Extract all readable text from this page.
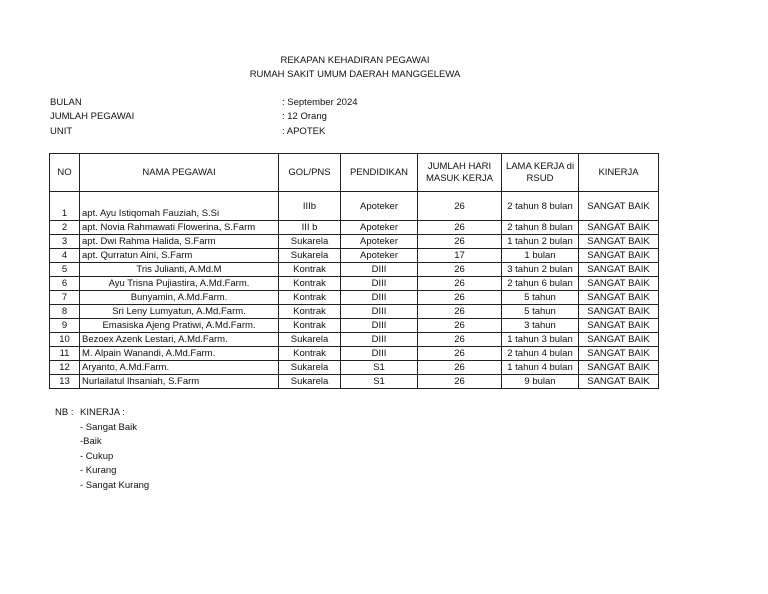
REKAPAN KEHADIRAN PEGAWAI
RUMAH SAKIT UMUM DAERAH MANGGELEWA
BULAN	: September 2024
JUMLAH PEGAWAI	: 12 Orang
UNIT	: APOTEK
NO	NAMA PEGAWAI	GOL/PNS	PENDIDIKAN	JUMLAH HARI MASUK KERJA	LAMA KERJA di RSUD	KINERJA
1	apt. Ayu Istiqomah Fauziah, S.Si	IIIb	Apoteker	26	2 tahun 8 bulan	SANGAT BAIK
2	apt. Novia Rahmawati Flowerina, S.Farm	III b	Apoteker	26	2 tahun 8 bulan	SANGAT BAIK
3	apt. Dwi Rahma Halida, S.Farm	Sukarela	Apoteker	26	1 tahun 2 bulan	SANGAT BAIK
4	apt. Qurratun Aini, S.Farm	Sukarela	Apoteker	17	1 bulan	SANGAT BAIK
5	Tris Julianti, A.Md.M	Kontrak	DIII	26	3 tahun 2 bulan	SANGAT BAIK
6	Ayu Trisna Pujiastira, A.Md.Farm.	Kontrak	DIII	26	2 tahun 6 bulan	SANGAT BAIK
7	Bunyamin, A.Md.Farm.	Kontrak	DIII	26	5 tahun	SANGAT BAIK
8	Sri Leny Lumyatun, A.Md.Farm.	Kontrak	DIII	26	5 tahun	SANGAT BAIK
9	Emasiska Ajeng Pratiwi, A.Md.Farm.	Kontrak	DIII	26	3 tahun	SANGAT BAIK
10	Bezoex Azenk Lestari, A.Md.Farm.	Sukarela	DIII	26	1 tahun 3 bulan	SANGAT BAIK
11	M. Alpain Wanandi, A.Md.Farm.	Kontrak	DIII	26	2 tahun 4 bulan	SANGAT BAIK
12	Aryanto, A.Md.Farm.	Sukarela	S1	26	1 tahun 4 bulan	SANGAT BAIK
13	Nurlailatul Ihsaniah, S.Farm	Sukarela	S1	26	9 bulan	SANGAT BAIK
NB : KINERJA :
- Sangat Baik
-Baik
- Cukup
- Kurang
- Sangat Kurang
